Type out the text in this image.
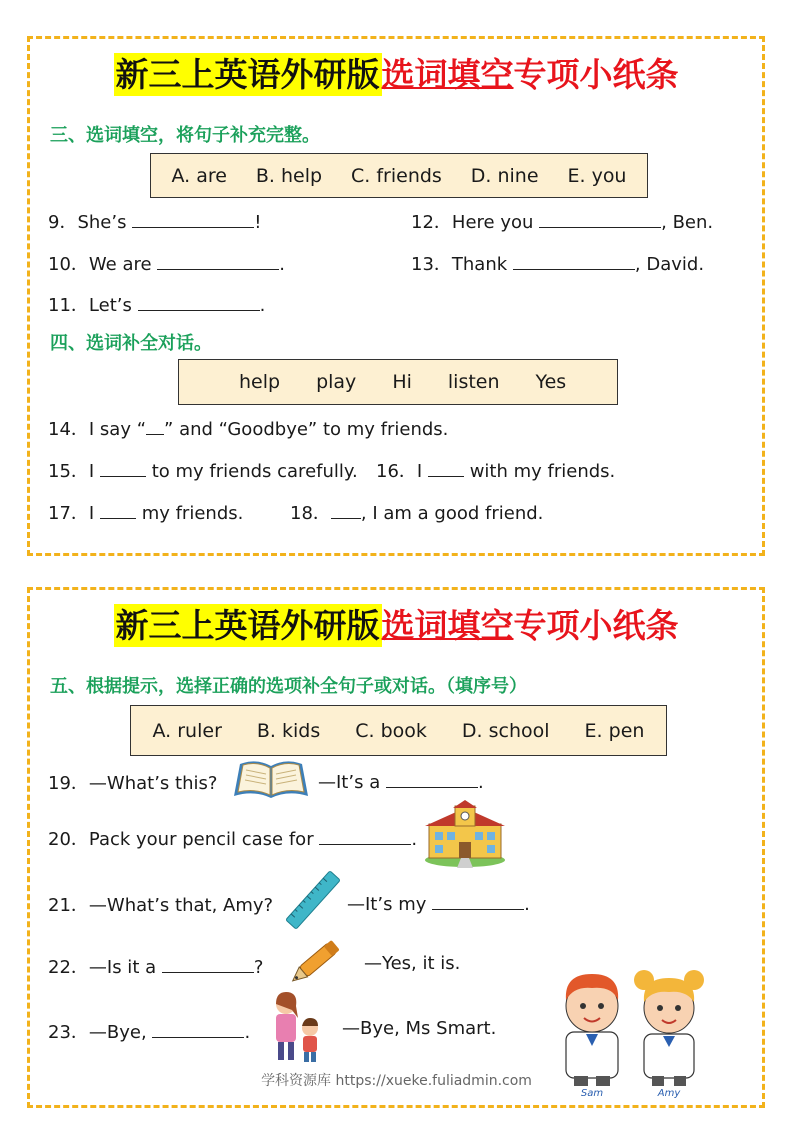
新三上英语外研版选词填空专项小纸条
三、选词填空，将句子补充完整。
A. are B. help C. friends D. nine E. you
9．She’s	!	12．Here you	, Ben.
10．We are	.	13．Thank	, David.
11．Let’s	.
四、选词补全对话。
help play Hi listen Yes
14．I say “ ” and “Goodbye” to my friends.
15．I	to my friends carefully. 16．I	with my friends.
17．I	my friends.	18． , I am a good friend.
新三上英语外研版选词填空专项小纸条
五、根据提示，选择正确的选项补全句子或对话。（填序号）
A. ruler B. kids C. book D. school E. pen
19．—What’s this?	—It’s a	.
20．Pack your pencil case for	.
21．—What’s that, Amy?	—It’s my	.
22．—Is it a	?	—Yes, it is.
23．—Bye,	.	—Bye, Ms Smart.
Sam	Amy
学科资源库 https://xueke.fuliadmin.com
